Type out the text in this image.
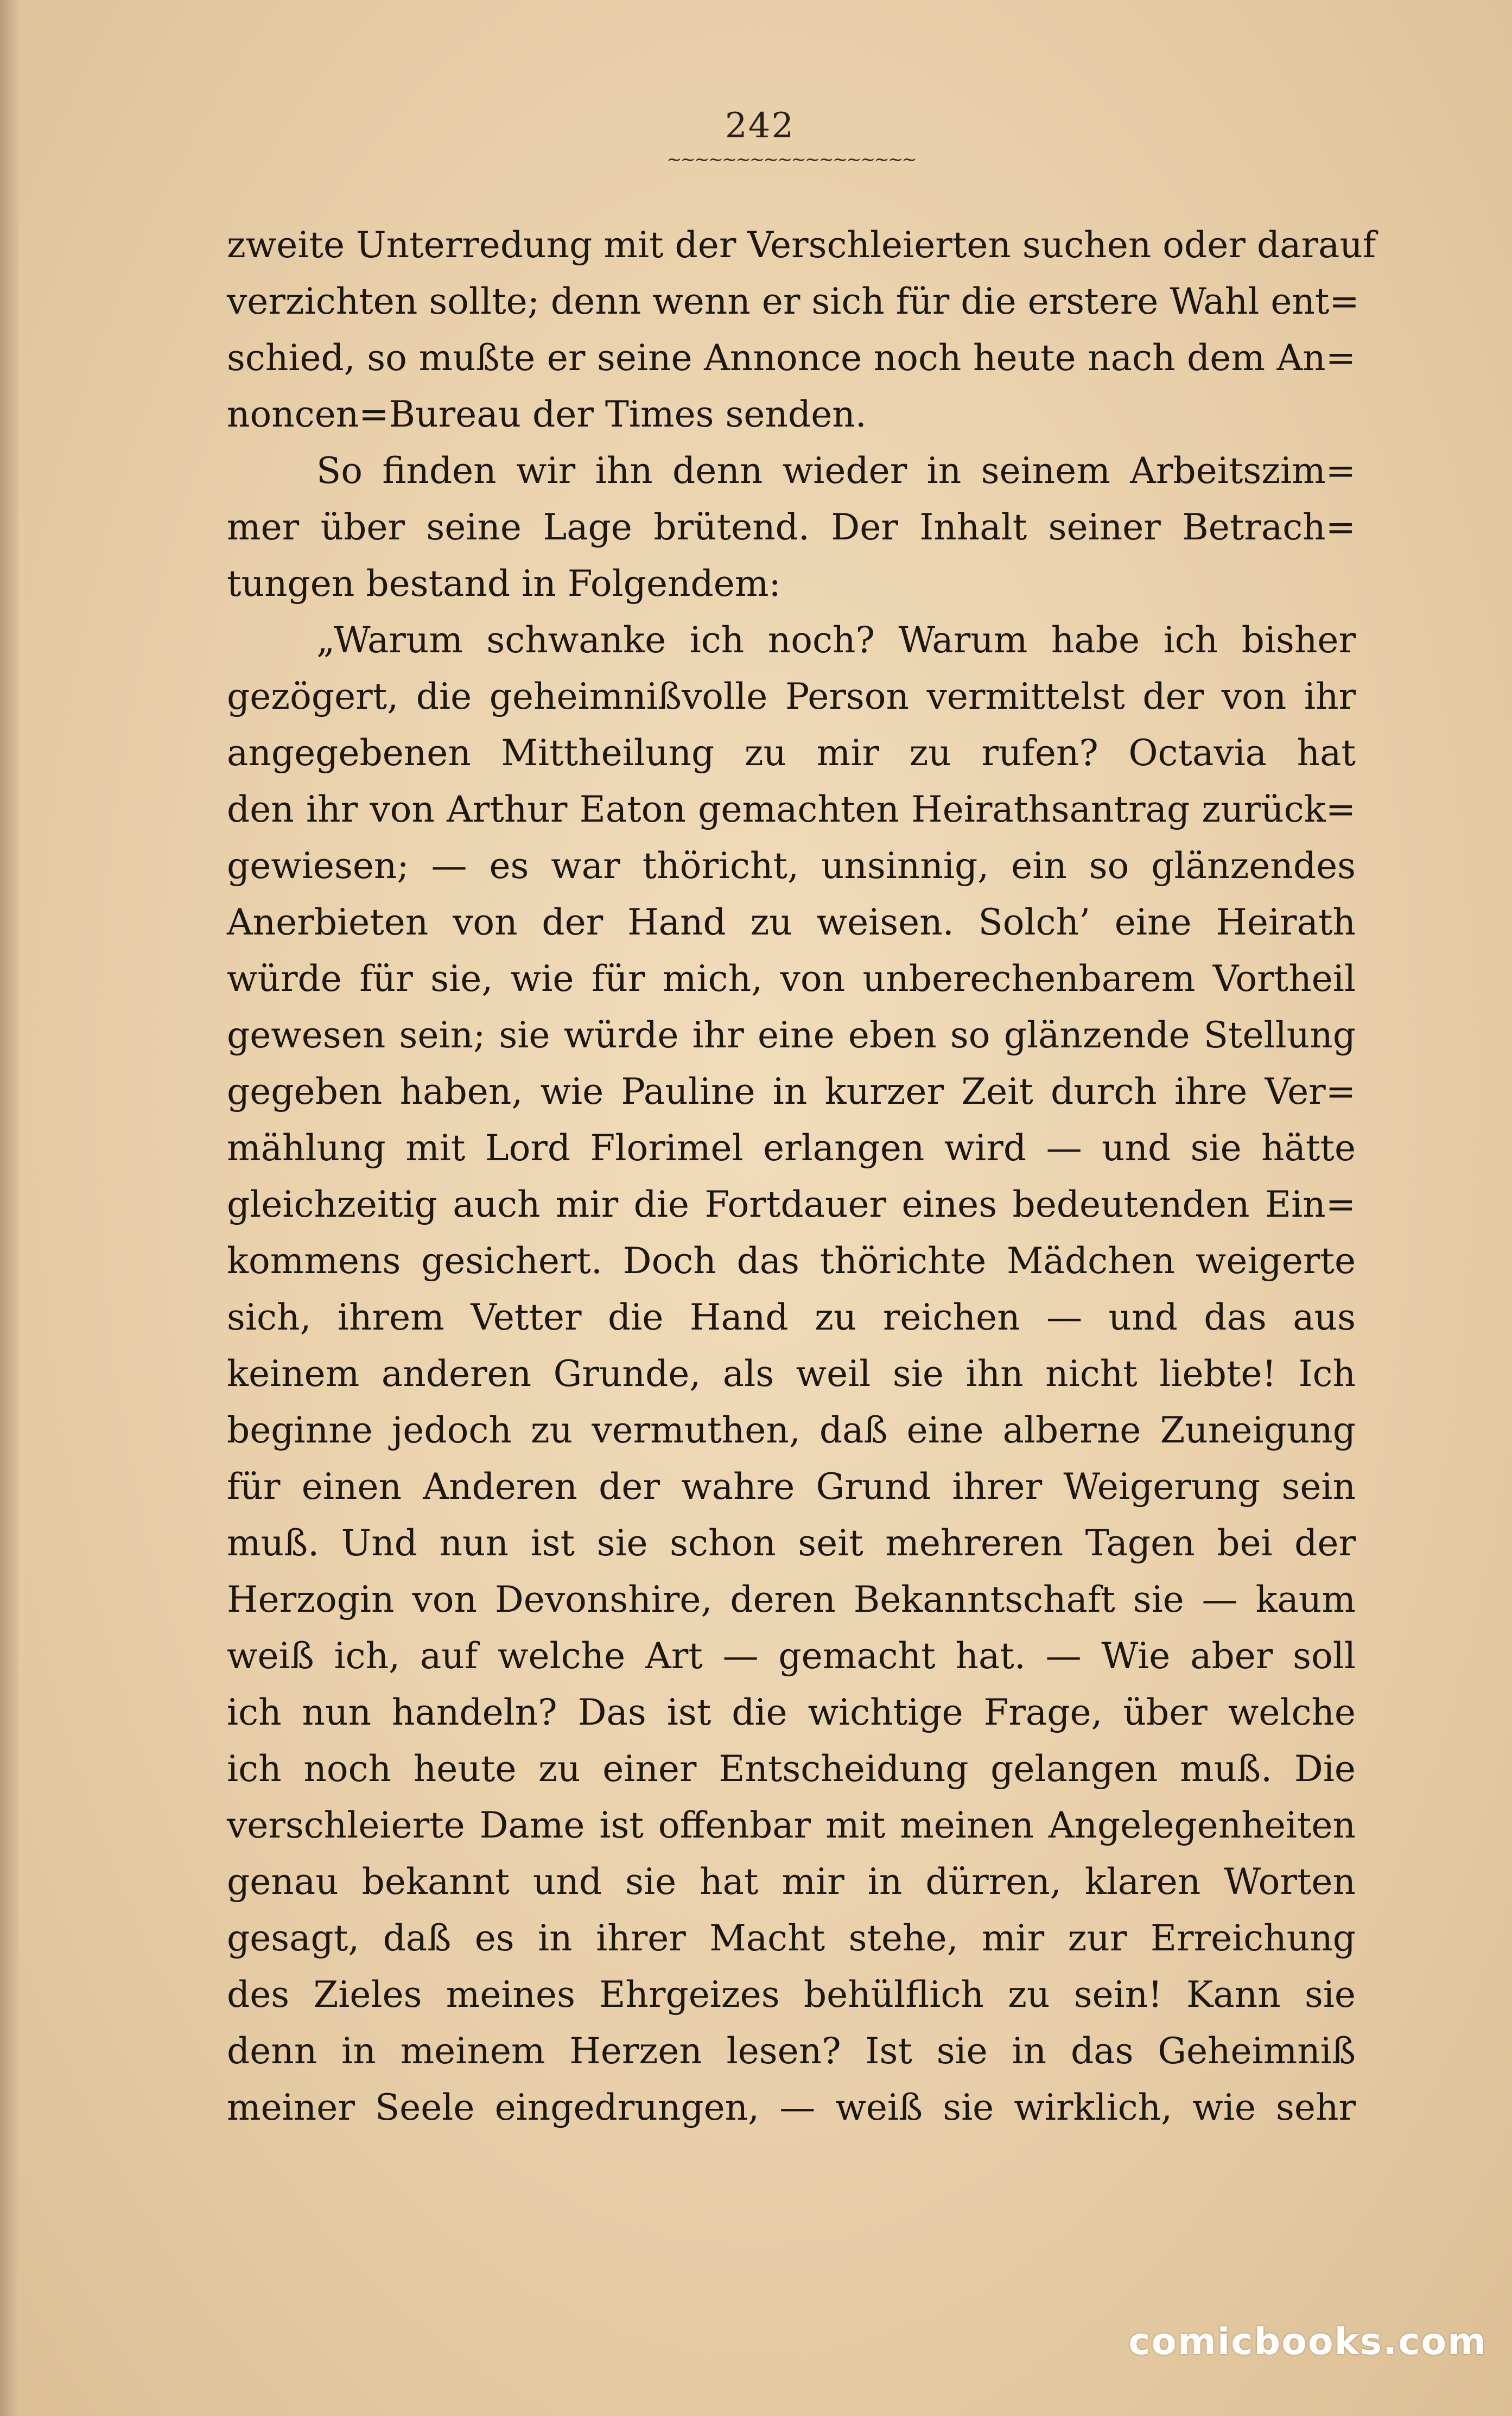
242
~~~~~~~~~~~~~~~~~~
zweite Unterredung mit der Verschleierten suchen oder darauf
verzichten sollte; denn wenn er sich für die erstere Wahl ent=
schied, so mußte er seine Annonce noch heute nach dem An=
noncen=Bureau der Times senden.
So finden wir ihn denn wieder in seinem Arbeitszim=
mer über seine Lage brütend. Der Inhalt seiner Betrach=
tungen bestand in Folgendem:
„Warum schwanke ich noch? Warum habe ich bisher
gezögert, die geheimnißvolle Person vermittelst der von ihr
angegebenen Mittheilung zu mir zu rufen? Octavia hat
den ihr von Arthur Eaton gemachten Heirathsantrag zurück=
gewiesen; — es war thöricht, unsinnig, ein so glänzendes
Anerbieten von der Hand zu weisen. Solch’ eine Heirath
würde für sie, wie für mich, von unberechenbarem Vortheil
gewesen sein; sie würde ihr eine eben so glänzende Stellung
gegeben haben, wie Pauline in kurzer Zeit durch ihre Ver=
mählung mit Lord Florimel erlangen wird — und sie hätte
gleichzeitig auch mir die Fortdauer eines bedeutenden Ein=
kommens gesichert. Doch das thörichte Mädchen weigerte
sich, ihrem Vetter die Hand zu reichen — und das aus
keinem anderen Grunde, als weil sie ihn nicht liebte! Ich
beginne jedoch zu vermuthen, daß eine alberne Zuneigung
für einen Anderen der wahre Grund ihrer Weigerung sein
muß. Und nun ist sie schon seit mehreren Tagen bei der
Herzogin von Devonshire, deren Bekanntschaft sie — kaum
weiß ich, auf welche Art — gemacht hat. — Wie aber soll
ich nun handeln? Das ist die wichtige Frage, über welche
ich noch heute zu einer Entscheidung gelangen muß. Die
verschleierte Dame ist offenbar mit meinen Angelegenheiten
genau bekannt und sie hat mir in dürren, klaren Worten
gesagt, daß es in ihrer Macht stehe, mir zur Erreichung
des Zieles meines Ehrgeizes behülflich zu sein! Kann sie
denn in meinem Herzen lesen? Ist sie in das Geheimniß
meiner Seele eingedrungen, — weiß sie wirklich, wie sehr
comicbooks.com
